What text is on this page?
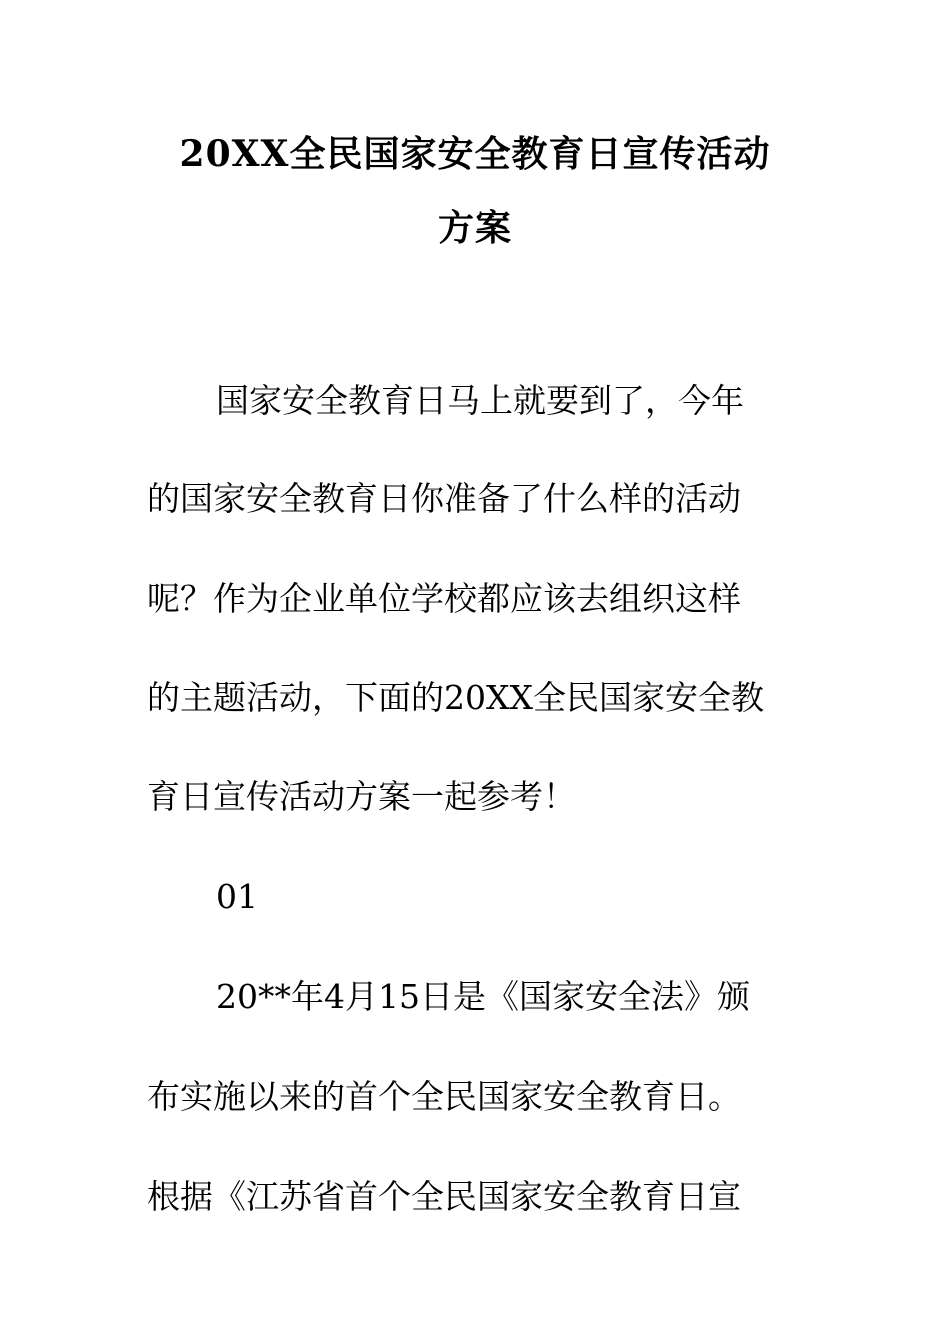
20XX全民国家安全教育日宣传活动
方案
国家安全教育日马上就要到了，今年
的国家安全教育日你准备了什么样的活动
呢？作为企业单位学校都应该去组织这样
的主题活动，下面的20XX全民国家安全教
育日宣传活动方案一起参考！
01
20**年4月15日是《国家安全法》颁
布实施以来的首个全民国家安全教育日。
根据《江苏省首个全民国家安全教育日宣
